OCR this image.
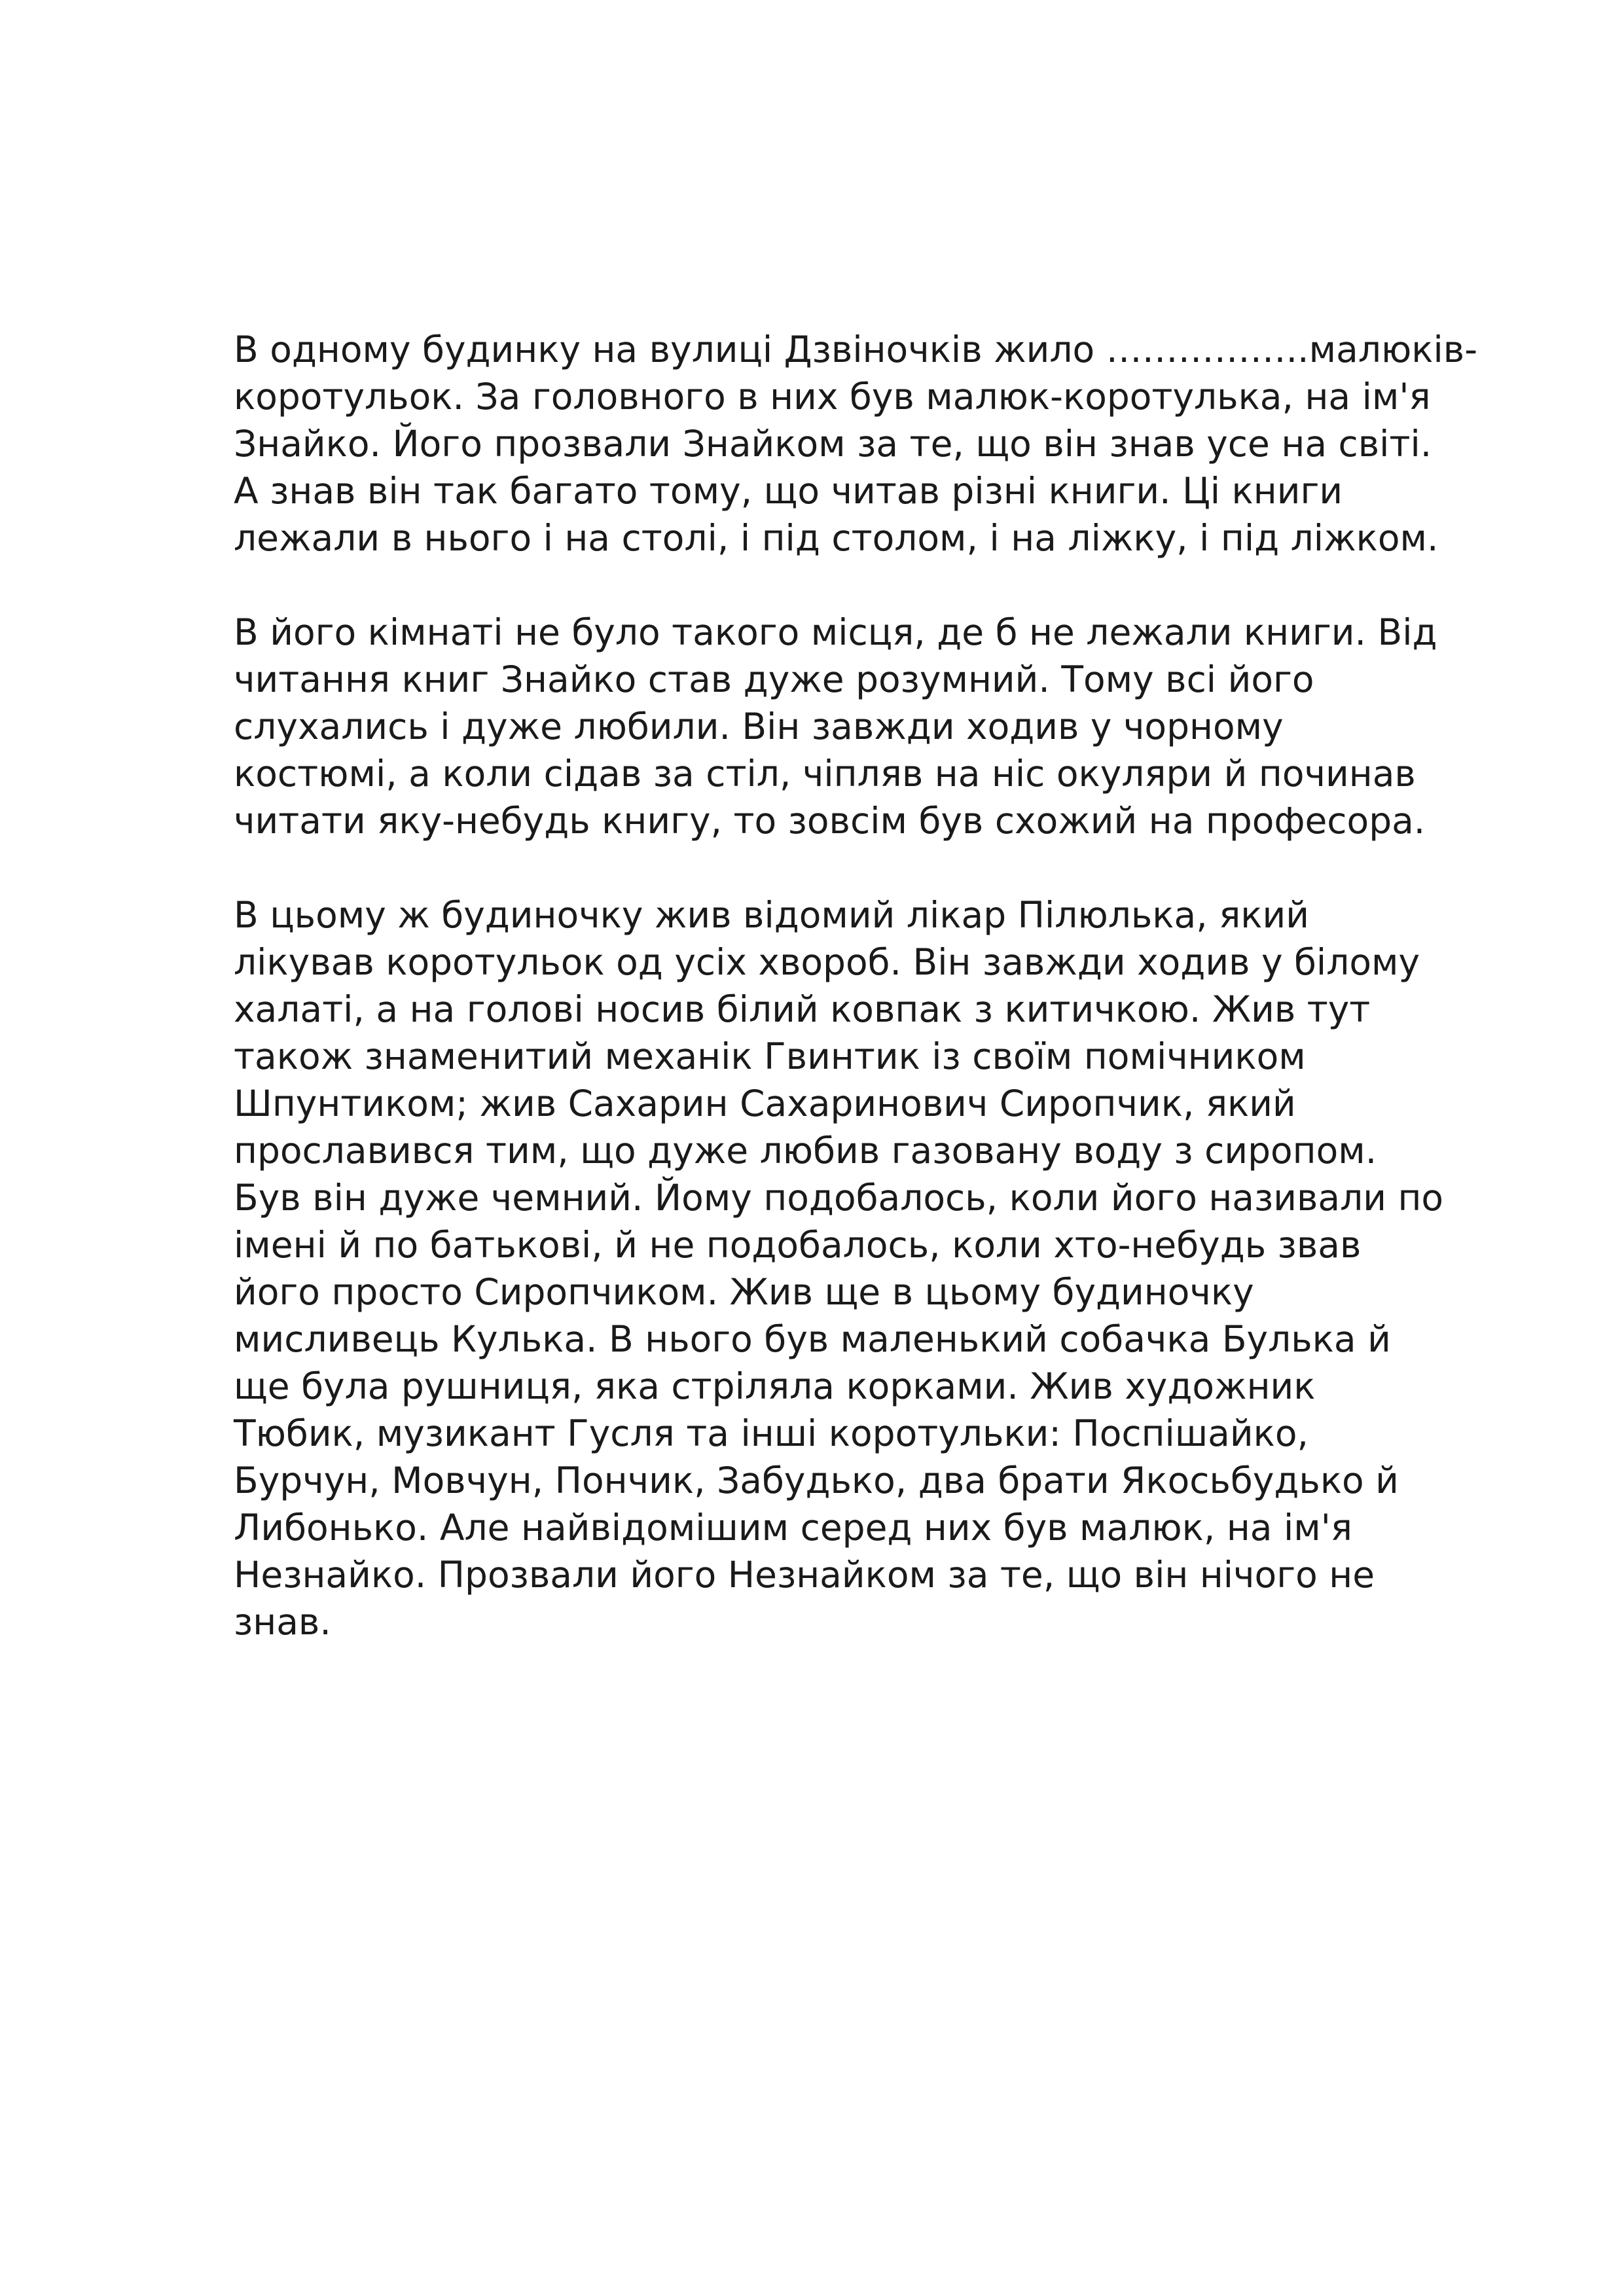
В одному будинку на вулиці Дзвіночків жило ……………..малюків-
коротульок. За головного в них був малюк-коротулька, на ім'я
Знайко. Його прозвали Знайком за те, що він знав усе на світі.
А знав він так багато тому, що читав різні книги. Ці книги
лежали в нього і на столі, і під столом, і на ліжку, і під ліжком.

В його кімнаті не було такого місця, де б не лежали книги. Від
читання книг Знайко став дуже розумний. Тому всі його
слухались і дуже любили. Він завжди ходив у чорному
костюмі, а коли сідав за стіл, чіпляв на ніс окуляри й починав
читати яку-небудь книгу, то зовсім був схожий на професора.

В цьому ж будиночку жив відомий лікар Пілюлька, який
лікував коротульок од усіх хвороб. Він завжди ходив у білому
халаті, а на голові носив білий ковпак з китичкою. Жив тут
також знаменитий механік Гвинтик із своїм помічником
Шпунтиком; жив Сахарин Сахаринович Сиропчик, який
прославився тим, що дуже любив газовану воду з сиропом.
Був він дуже чемний. Йому подобалось, коли його називали по
імені й по батькові, й не подобалось, коли хто-небудь звав
його просто Сиропчиком. Жив ще в цьому будиночку
мисливець Кулька. В нього був маленький собачка Булька й
ще була рушниця, яка стріляла корками. Жив художник
Тюбик, музикант Гусля та інші коротульки: Поспішайко,
Бурчун, Мовчун, Пончик, Забудько, два брати Якосьбудько й
Либонько. Але найвідомішим серед них був малюк, на ім'я
Незнайко. Прозвали його Незнайком за те, що він нічого не
знав.
